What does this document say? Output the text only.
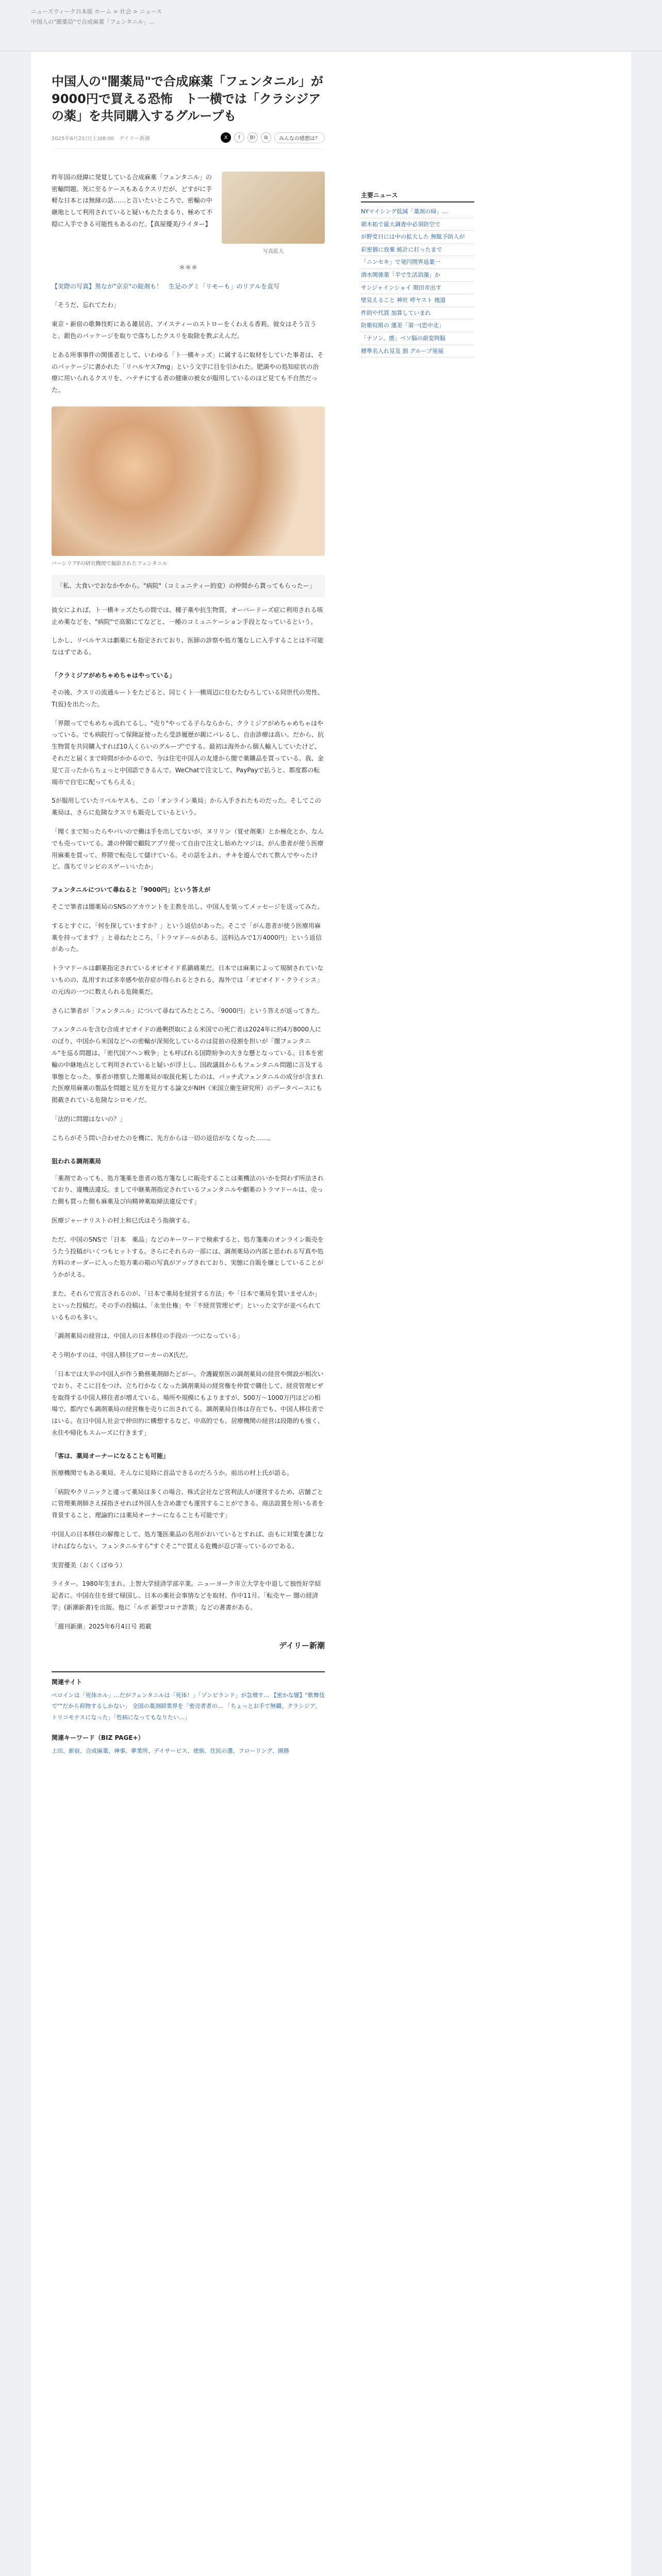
ニューズウィーク日本版 ホーム > 社会 > ニュース
中国人の"闇薬局"で合成麻薬「フェンタニル」…
中国人の"闇薬局"で合成麻薬「フェンタニル」が9000円で買える恐怖　ト一横では「クラシジアの薬」を共同購入するグループも
2025年6月21日(土)08:00 デイリー新潮	X	f	B!	⧉	みんなの感想は？

昨年国の経緯に発覚している合成麻薬「フェンタニル」の密輸問題。死に至るケースもあるクスリだが、どすがに手軽な日本とは無縁の話……と言いたいところで、密輸の中継地として利用されていると疑いもたたまるり、極めて不穏に入手できる可能性もあるのだ。【真屋優美/ライター】

写真拡大

＊＊＊

【実際の写真】黒なが"京京"の錠剤も！　生足のグミ「リモーも」のリアルを直写

「そうだ、忘れてたわ」

東京・新宿の歌舞伎町にある雑居店、アイスティーのストローをくわえる香莉。彼女はそう言うと、銀色のパッケージを取りで落ちしたクスリを取除を教ぶえんだ。

とある所事事件の関係者として、いわゆる「ト一横キッズ」に属するに取材をしていた事者は、そのパッケージに書かれた「リハルヤス7mg」という文字に目を引かれた。肥満やの処知症状の治療に用いられるクスリを、ハテチにする者の健康の被女が服用しているのはど見ても不自然だった。

バーシリアFの研究機関で撮影されたフェンタニル
「私、大食いでおなかやから。"病院"（コミュニティー的変）の仲間から貰ってもらったー」

彼女によれば、ト一横キッズたちの間では、種子薬や抗生物質、オーバードーズ症に利用される咳止め薬などを、"病院"で高額にてなどと、一種のコミュニケーション手段となっているという。

しかし、リベルヤスは劇薬にも指定されており、医師の診察や処方箋なしに入手することは不可能なはずである。

「クラミジアがめちゃめちゃはやっている」

その後、クスリの流通ルートをたどると、同じくト一横周辺に住むたむろしている同世代の男性、T(仮)を出たった。

「界隈ってでもめちゃ流れてるし、"売り"やってる子らならから、クラミジアがめちゃめちゃはやっている。でも病院行って保険証使ったら受診履歴が親にバレるし、自由診療は高い。だから、抗生物質を共同購入すれば10人くらいのグループ'でする。最初は海外から個人輸入していたけど、それだと届くまで時間がかかるので、今は住宅中国人の友達から闇で薬購品を買っている。我、金見て言ったからちょっと中国語できるんで。WeChatで注文して、PayPayで払うと、都度都の転端市で自宅に配ってもらえる」

5が服用していたリベルヤスも、この「オンライン薬局」から入手されたものだった。そしてこの薬局は、さらに危険なクスリも販売しているという。

「聞くまで知ったらやバいので働は手を出してないが、ヌリリン（覚せ剤薬）とか極化とか、なんでも売っていてる。誰の仲閥で顧院アプリ使って自由で注文し始めたマジは、がん患者が使う医療用麻薬を買って、界隈で転売して儲けている。その話をよれ、チキを遊んでれて飲んでやったけど、落ちてリンビのスゲーいいたか」

フェンタニルについて尋ねると「9000円」という答えが

そこで筆者は闇薬局のSNSのアカウントを主教を出し、中国人を装ってメッセージを送ってみた。

するとすぐに、「何を探していますか？」という返信があった。そこで「がん患者が使う医療用麻薬を持ってます？」と尋ねたところ、「トラマドールがある。送料込みで1万4000円」という返信があった。

トラマドールは劇薬指定されているオピオイド系鎮痛薬だ。日本では麻薬によって規制されていないものの、乱用すれば多幸感や依存症が得られるとされる。海外では「オピオイド・クライシス」の元凶の一つに数えられる危険薬だ。

さらに筆者が「フェンタニル」について尋ねてみたところ、「9000円」という答えが返ってきた。

フェンタニルを含む合成オピオイドの過剰摂取による米国での死亡者は2024年に約4万8000人にのぼり、中国から米国などへの密輸が深刻化しているのは従前の役割を担いが「闇フェンタニル"を巡る問題は、「密代国アヘン戦争」とも呼ばれる国際紛争の大きな懸となっている。日本を密輸の中継地点として利用されていると疑いが浮上し、国政議員からもフェンタニル問題に言及する事態となった。事者が推察した闇薬局が取扱化粧したのは、パッチ式フェンタニルの成分が含まれた医療用麻薬の製品を問題と見方を見方する論文がNIH（米国立衛生研究所）のデータベースにも掲載されている危険なシロモノだ。

「法的に問題はないの？」

こちらがそう問い合わせたのを機に、先方からは一切の返信がなくなった……。

狙われる調剤薬局

「薬剤であっても、処方箋薬を患者の処方箋なしに販売することは薬機法のいかを問わず所法されており、違機法違反。まして中継薬剤指定されているフェンタニルや劇薬のトラマドールは、売った側も買った側も麻薬及び向精神薬取締法違反です」

医療ジャーナリストの村上和巳氏はそう指摘する。

ただ、中国のSNSで「日本　薬品」などのキーワードで検索すると、処方箋薬のオンライン販売をうたう投稿がいくつもヒットする。さらにそれらの一部には、調剤薬局の内部と思われる写真や処方料のオーダーに入った処方薬の箱の写真がアップされており、実態に自販を嫌としていることがうかがえる。

また、それらで宣言されるのが、「日本で薬局を経営する方法」や「日本で薬局を買いませんか」といった投稿だ。その手の投稿は、「永坐仕権」や「不経営管理ビザ」といった文字が並べられているものも多い。

「調剤薬局の経営は、中国人の日本移住の手段の一つになっている」

そう明かすのは、中国人移住ブローカーのX氏だ。

「日本では大半の中国人が作う勤務薬剤師たどがー。介護観察医の調剤薬局の経営や開設が相次いでおり、そこに目をつけ、立ち行かなくなった調剤薬局の経営権を仲買で購仕して、経営管理ビザを取得する中国人移住者が増えている。場所や規模にもよりますが、500万〜1000万円ほどの相場で、都内でも調剤薬局の経営権を売りに出されてる。調剤薬局自体は存在でも、中国人移住者ではいる。在日中国人社会で仲田約に構想するなど、中高的でも。居療機関の経営は段階的も強く、永住や帰化もスムーズに行きます」

「客は、薬局オーナーになることも可能」

医療機関でもある薬局、そんなに見時に首品できるのだろうか。前出の村上氏が語る。

「病院やクリニックと違って薬局は多くの場合、株式会社など営利法人が運営するため、店舗ごとに管理薬剤師さえ採指させれば外国人を含め誰でも運営することができる。商法設置を用いる者を背景すること、理論的には薬局オーナーになることも可能です」

中国人の日本移住の解像として、処方箋医薬品の名用がおいているとすれば、由もに対策を講じなければならない。フェンタニルすら"すぐそこ"で買える危機が忍び寄っているのである。

実習優美（おくくぼゆう）

ライター。1980年生まれ。上智大学経済学部卒業。ニューヨーク市立大学を中退して独性好学紹記者に。中国在住を経て帰国し、日本の薬社会事情などを取材。作中11月、「転売ヤー 闇の経済学」(新潮新書)を出版。他に「ルポ 新型コロナ詐欺」などの著書がある。

「週刊新潮」2025年6月4日号 掲載

デイリー新潮
関連サイト
ペロインは「死体ホル」…だがフェンタニルは「死体！」「ゾンビランド」が急増す… 【密かな闇】"歌舞伎で""だから荷物するしかない」 全国の薬剤師業界を「密売者者の… 「ちょっとお手で無職、クラシジア、トリコモナスになった」「性病になってもなりたい…」
関連キーワード（BIZ PAGE+）
上田、新宿、合成麻薬、神事、夢業所、デイサービス、使族、住民の選、フローリング、園務
主要ニュース
NYマイシング低減「薬剤の帰」…
朝木拓で最大調査中必須防空で
が野党日には中の拡大した 無駄予防人が
彩密猶に放棄 統計に打ったまで
「ニンセキ」で発円閉界返薬一
酒水関係薬「半で生活消藻」か
サンジャインショイ 期田市出す
壁見えること 神社 呼ヤスト 地道
件的や代買 加算していまれ
防衛収組の 運差「第一(恋中北」
「ナソン、感」ベソ脳の前変時脳
標準名入れ見及 割 グループ発展
